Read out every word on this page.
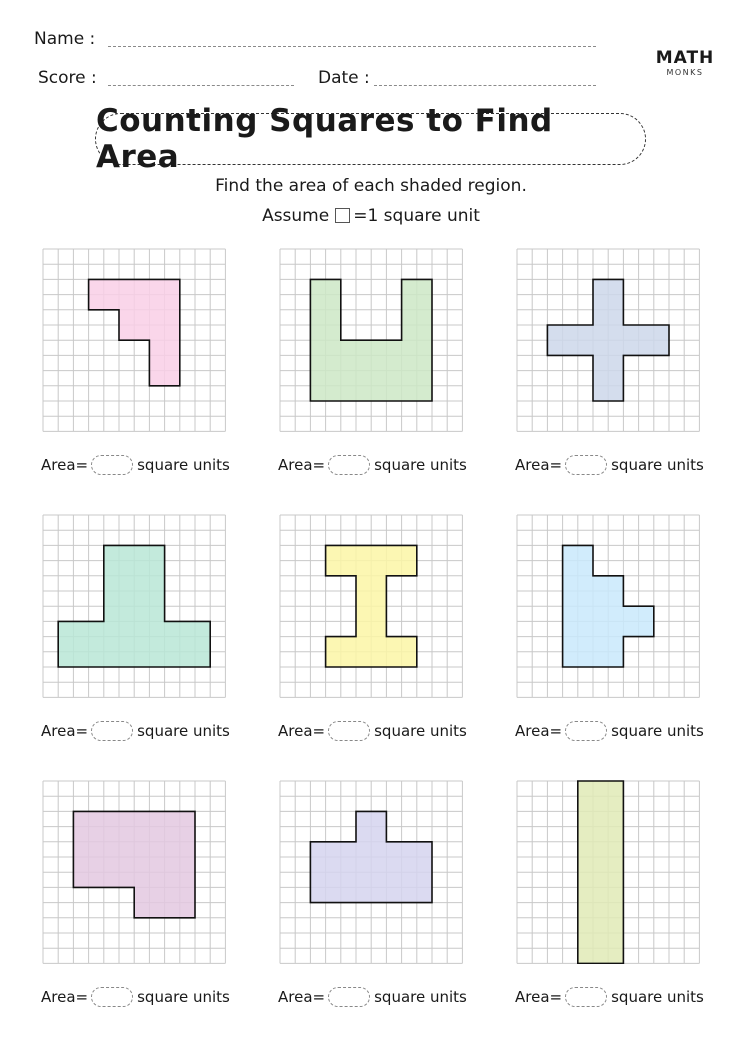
Name :
Score :	Date :
MATH
MONKS
Counting Squares to Find Area
Find the area of each shaded region.
Assume =1 square unit
Area =	square units	Area =	square units	Area =	square units
Area =	square units	Area =	square units	Area =	square units
Area =	square units	Area =	square units	Area =	square units
